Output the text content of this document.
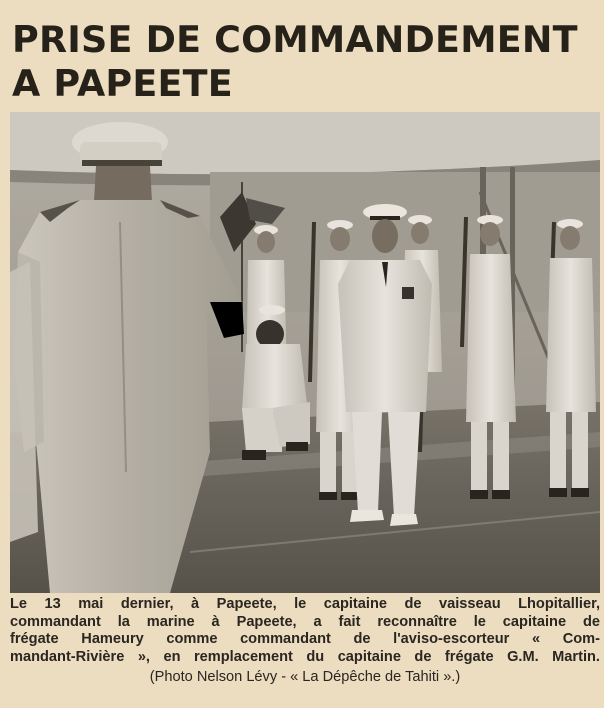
PRISE DE COMMANDEMENT
A PAPEETE

Le 13 mai dernier, à Papeete, le capitaine de vaisseau Lhopitallier,
commandant la marine à Papeete, a fait reconnaître le capitaine de
frégate Hameury comme commandant de l'aviso-escorteur « Com-
mandant-Rivière », en remplacement du capitaine de frégate G.M. Martin.

(Photo Nelson Lévy - « La Dépêche de Tahiti ».)
